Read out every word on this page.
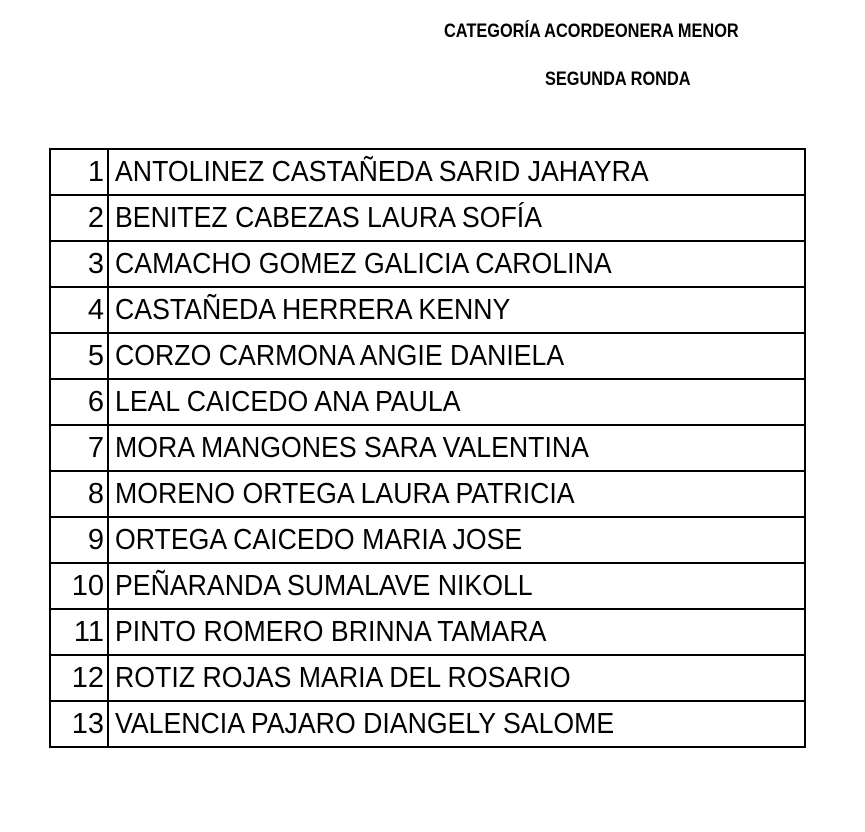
CATEGORÍA ACORDEONERA MENOR
SEGUNDA RONDA
1	ANTOLINEZ CASTAÑEDA SARID JAHAYRA
2	BENITEZ CABEZAS LAURA SOFÍA
3	CAMACHO GOMEZ GALICIA CAROLINA
4	CASTAÑEDA HERRERA KENNY
5	CORZO CARMONA ANGIE DANIELA
6	LEAL CAICEDO ANA PAULA
7	MORA MANGONES SARA VALENTINA
8	MORENO ORTEGA LAURA PATRICIA
9	ORTEGA CAICEDO MARIA JOSE
10	PEÑARANDA SUMALAVE NIKOLL
11	PINTO ROMERO BRINNA TAMARA
12	ROTIZ ROJAS MARIA DEL ROSARIO
13	VALENCIA PAJARO DIANGELY SALOME
